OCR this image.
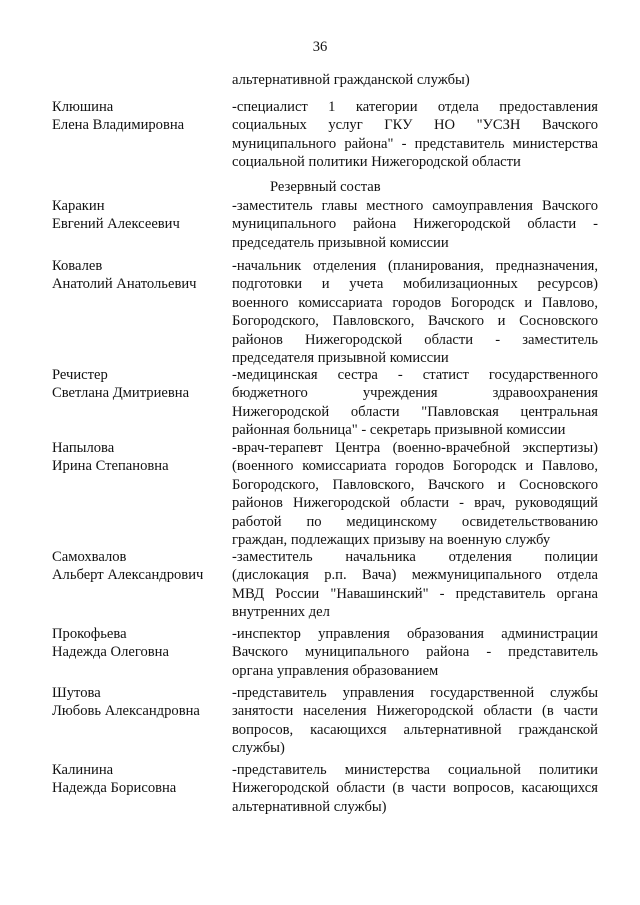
36
альтернативной гражданской службы)
Резервный состав
Клюшина
Елена Владимировна
-специалист 1 категории отдела предоставления
социальных услуг ГКУ НО "УСЗН Вачского
муниципального района" - представитель министерства
социальной политики Нижегородской области
Каракин
Евгений Алексеевич
-заместитель главы местного самоуправления Вачского
муниципального района Нижегородской области -
председатель призывной комиссии
Ковалев
Анатолий Анатольевич
-начальник отделения (планирования, предназначения,
подготовки и учета мобилизационных ресурсов)
военного комиссариата городов Богородск и Павлово,
Богородского, Павловского, Вачского и Сосновского
районов Нижегородской области - заместитель
председателя призывной комиссии
Речистер
Светлана Дмитриевна
-медицинская сестра - статист государственного
бюджетного учреждения здравоохранения
Нижегородской области "Павловская центральная
районная больница" - секретарь призывной комиссии
Напылова
Ирина Степановна
-врач-терапевт Центра (военно-врачебной экспертизы)
(военного комиссариата городов Богородск и Павлово,
Богородского, Павловского, Вачского и Сосновского
районов Нижегородской области - врач, руководящий
работой по медицинскому освидетельствованию
граждан, подлежащих призыву на военную службу
Самохвалов
Альберт Александрович
-заместитель начальника отделения полиции
(дислокация р.п. Вача) межмуниципального отдела
МВД России "Навашинский" - представитель органа
внутренних дел
Прокофьева
Надежда Олеговна
-инспектор управления образования администрации
Вачского муниципального района - представитель
органа управления образованием
Шутова
Любовь Александровна
-представитель управления государственной службы
занятости населения Нижегородской области (в части
вопросов, касающихся альтернативной гражданской
службы)
Калинина
Надежда Борисовна
-представитель министерства социальной политики
Нижегородской области (в части вопросов, касающихся
альтернативной службы)
